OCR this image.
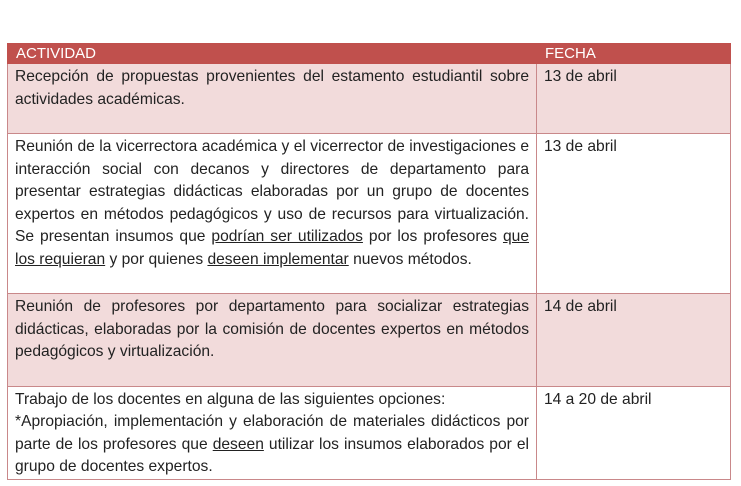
ACTIVIDAD	FECHA
Recepción de propuestas provenientes del estamento estudiantil sobre actividades académicas.	13 de abril
Reunión de la vicerrectora académica y el vicerrector de investigaciones e interacción social con decanos y directores de departamento para presentar estrategias didácticas elaboradas por un grupo de docentes expertos en métodos pedagógicos y uso de recursos para virtualización. Se presentan insumos que podrían ser utilizados por los profesores que los requieran y por quienes deseen implementar nuevos métodos.	13 de abril
Reunión de profesores por departamento para socializar estrategias didácticas, elaboradas por la comisión de docentes expertos en métodos pedagógicos y virtualización.	14 de abril
Trabajo de los docentes en alguna de las siguientes opciones:
*Apropiación, implementación y elaboración de materiales didácticos por parte de los profesores que deseen utilizar los insumos elaborados por el grupo de docentes expertos.	14 a 20 de abril
